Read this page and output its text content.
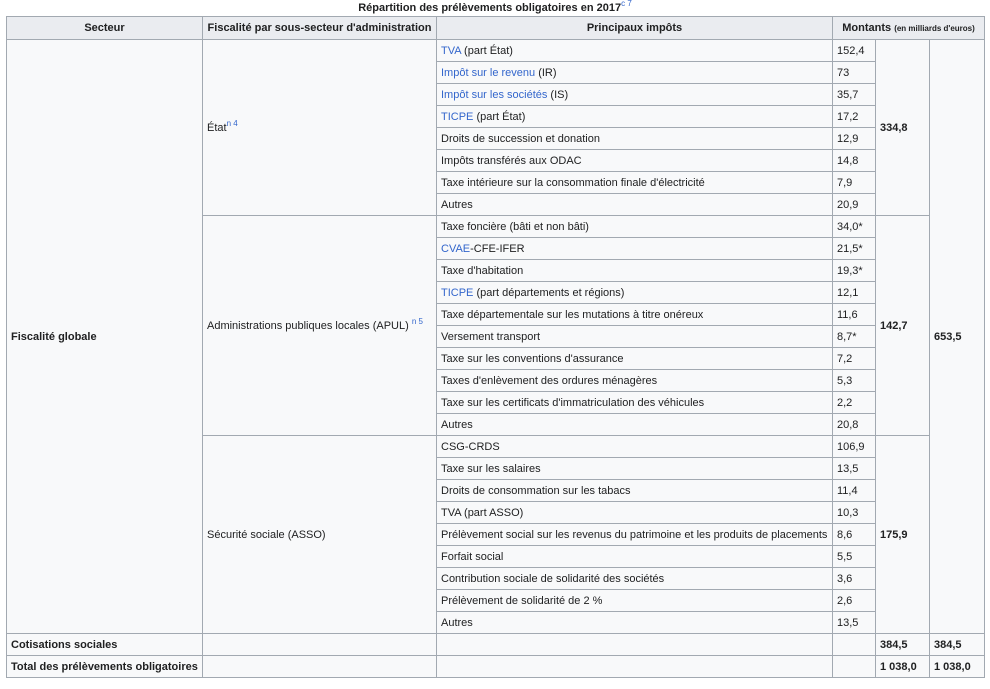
Répartition des prélèvements obligatoires en $2017^{c 7}$
Secteur	Fiscalité par sous-secteur d'administration	Principaux impôts	Montants (en milliards d'euros)		
Fiscalité globale	État$^{n 4}$	TVA (part État)	152,4	334,8	653,5
		Impôt sur le revenu (IR)	73		
		Impôt sur les sociétés (IS)	35,7		
		TICPE (part État)	17,2		
		Droits de succession et donation	12,9		
		Impôts transférés aux ODAC	14,8		
		Taxe intérieure sur la consommation finale d'électricité	7,9		
		Autres	20,9		
	Administrations publiques locales (APUL) $^{n 5}$	Taxe foncière (bâti et non bâti)	34,0*	142,7	
		CVAE-CFE-IFER	21,5*		
		Taxe d'habitation	19,3*		
		TICPE (part départements et régions)	12,1		
		Taxe départementale sur les mutations à titre onéreux	11,6		
		Versement transport	8,7*		
		Taxe sur les conventions d'assurance	7,2		
		Taxes d'enlèvement des ordures ménagères	5,3		
		Taxe sur les certificats d'immatriculation des véhicules	2,2		
		Autres	20,8		
	Sécurité sociale (ASSO)	CSG-CRDS	106,9	175,9	
		Taxe sur les salaires	13,5		
		Droits de consommation sur les tabacs	11,4		
		TVA (part ASSO)	10,3		
		Prélèvement social sur les revenus du patrimoine et les produits de placements	8,6		
		Forfait social	5,5		
		Contribution sociale de solidarité des sociétés	3,6		
		Prélèvement de solidarité de 2 %	2,6		
		Autres	13,5		
Cotisations sociales				384,5	384,5
Total des prélèvements obligatoires				1 038,0	1 038,0
